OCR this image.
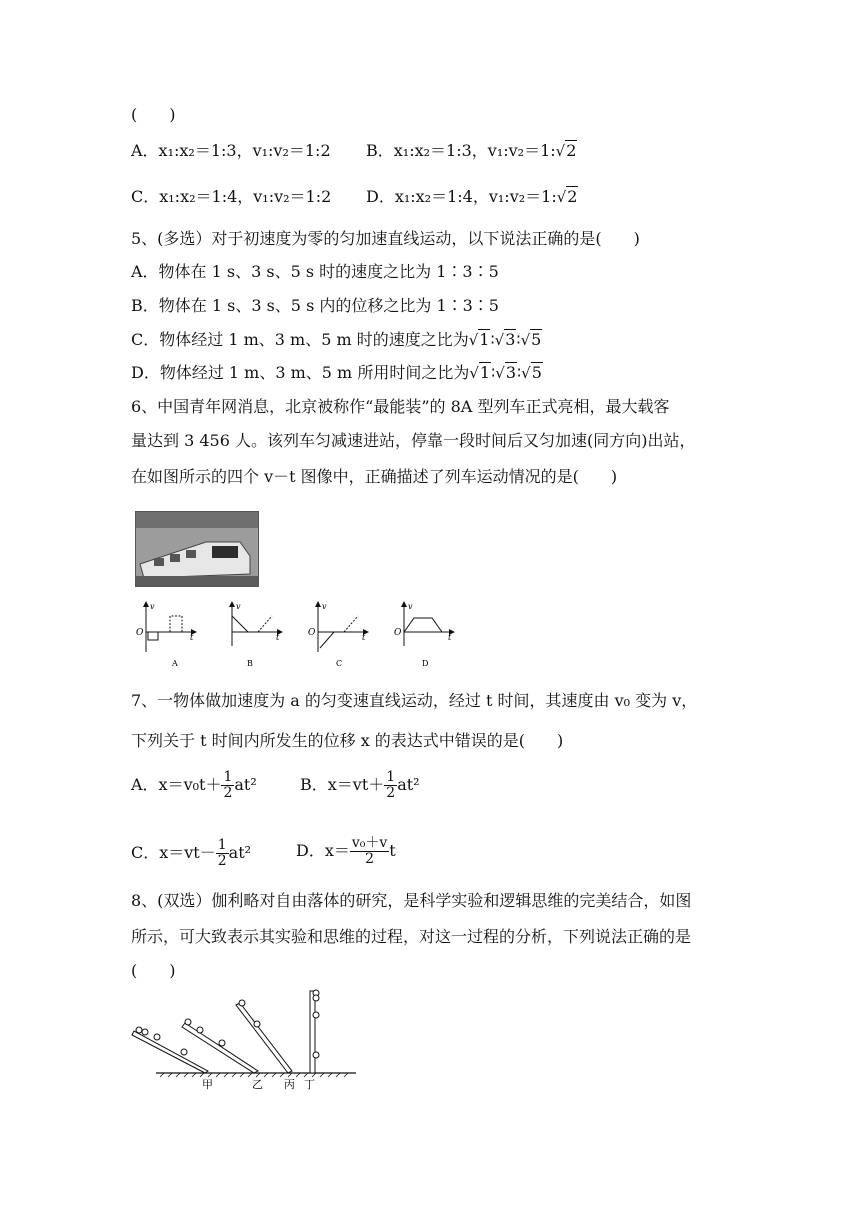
(　　)
A．x₁:x₂＝1:3，v₁:v₂＝1:2 B．x₁:x₂＝1:3，v₁:v₂＝1:√2
C．x₁:x₂＝1:4，v₁:v₂＝1:2 D．x₁:x₂＝1:4，v₁:v₂＝1:√2
5、(多选）对于初速度为零的匀加速直线运动，以下说法正确的是(　　)
A．物体在 1 s、3 s、5 s 时的速度之比为 1∶3∶5
B．物体在 1 s、3 s、5 s 内的位移之比为 1∶3∶5
C．物体经过 1 m、3 m、5 m 时的速度之比为√1∶√3∶√5
D．物体经过 1 m、3 m、5 m 所用时间之比为√1∶√3∶√5
6、中国青年网消息，北京被称作“最能装”的 8A 型列车正式亮相，最大载客
量达到 3 456 人。该列车匀减速进站，停靠一段时间后又匀加速(同方向)出站，
在如图所示的四个 v－t 图像中，正确描述了列车运动情况的是(　　)
v
t
O
A
v
t
B
v
t
O
C
v
t
O
D
7、一物体做加速度为 a 的匀变速直线运动，经过 t 时间，其速度由 v₀ 变为 v，
下列关于 t 时间内所发生的位移 x 的表达式中错误的是(　　)
A．$x=v_0t+ \frac{1}{2} at^2$	B．$x=vt+ \frac{1}{2} at^2$
C．$x=vt- \frac{1}{2} at^2$	D．$x= \frac{\text{v₀＋v}}{2}$ t
8、(双选）伽利略对自由落体的研究，是科学实验和逻辑思维的完美结合，如图
所示，可大致表示其实验和思维的过程，对这一过程的分析，下列说法正确的是
(　　)
甲	乙 丙 丁
